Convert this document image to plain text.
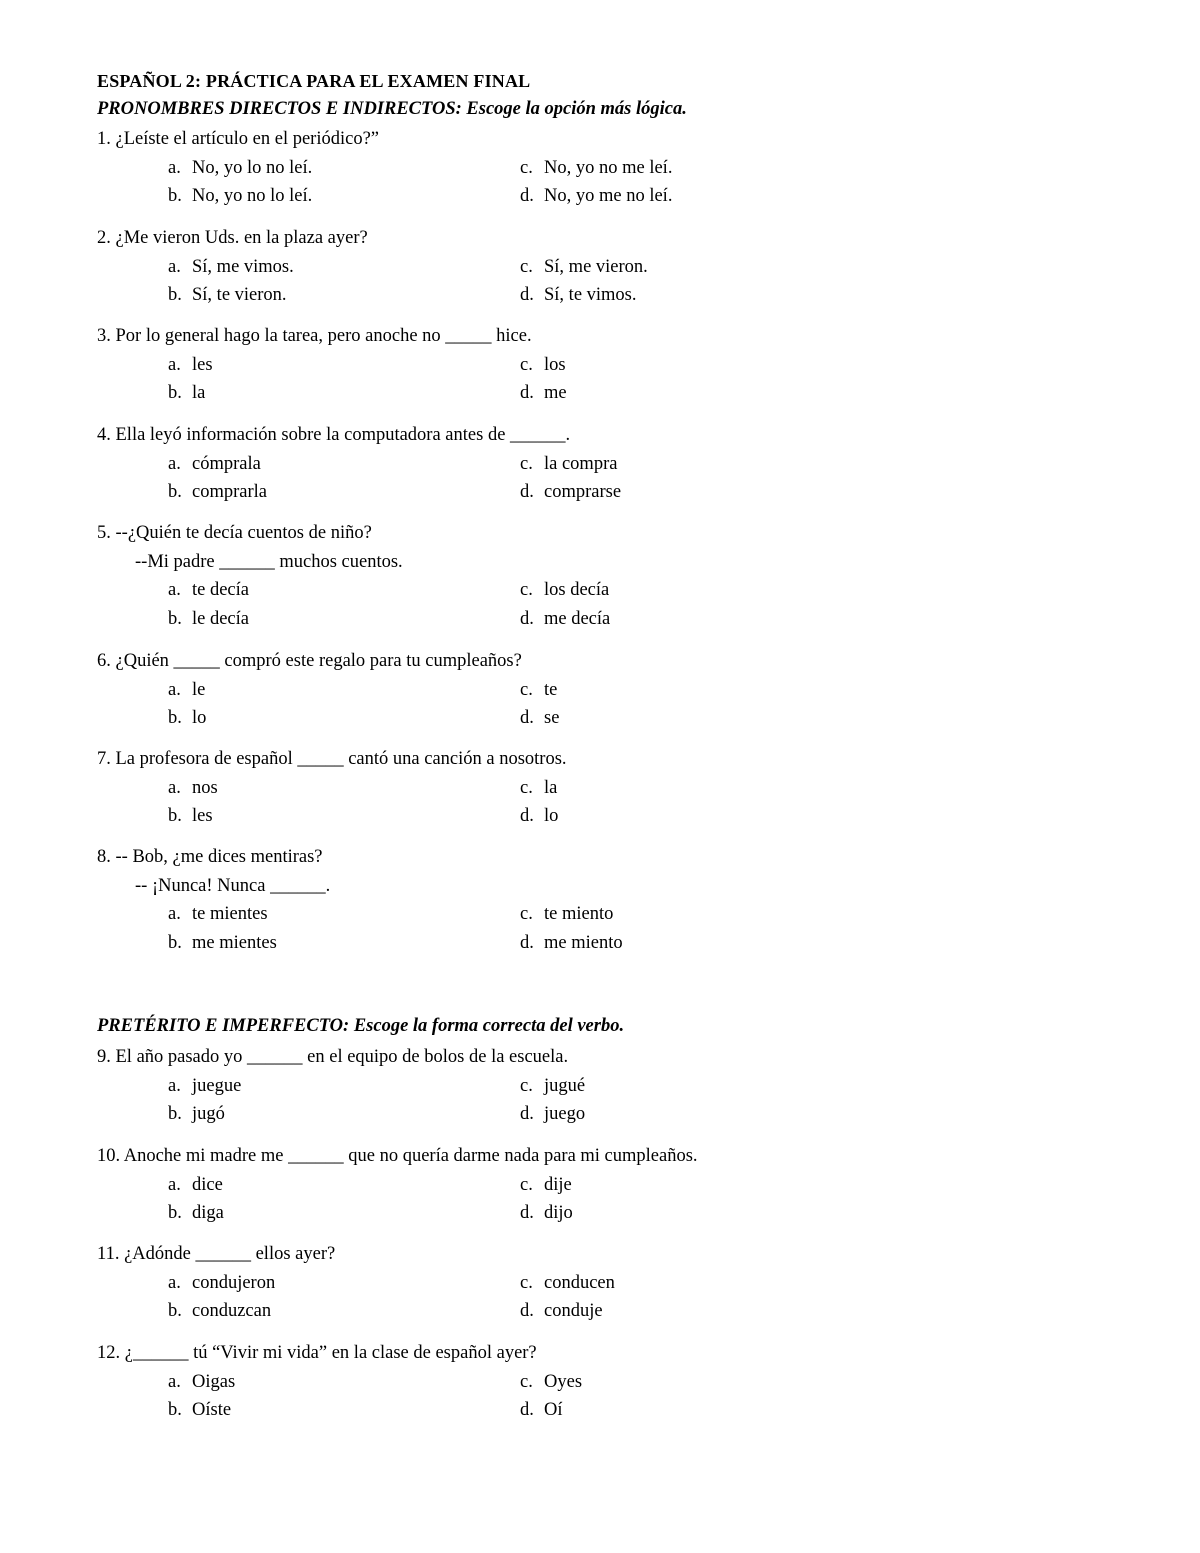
ESPAÑOL 2: PRÁCTICA PARA EL EXAMEN FINAL
PRONOMBRES DIRECTOS E INDIRECTOS: Escoge la opción más lógica.
PRETÉRITO E IMPERFECTO: Escoge la forma correcta del verbo.
1. ¿Leíste el artículo en el periódico?”
a. No, yo lo no leí.
b. No, yo no lo leí.
c. No, yo no me leí.
d. No, yo me no leí.
2. ¿Me vieron Uds. en la plaza ayer?
a. Sí, me vimos.
b. Sí, te vieron.
c. Sí, me vieron.
d. Sí, te vimos.
3. Por lo general hago la tarea, pero anoche no _____ hice.
a. les
b. la
c. los
d. me
4. Ella leyó información sobre la computadora antes de ______.
a. cómprala
b. comprarla
c. la compra
d. comprarse
5. --¿Quién te decía cuentos de niño?
--Mi padre ______ muchos cuentos.
a. te decía
b. le decía
c. los decía
d. me decía
6. ¿Quién _____ compró este regalo para tu cumpleaños?
a. le
b. lo
c. te
d. se
7. La profesora de español _____ cantó una canción a nosotros.
a. nos
b. les
c. la
d. lo
8. -- Bob, ¿me dices mentiras?
-- ¡Nunca! Nunca ______.
a. te mientes
b. me mientes
c. te miento
d. me miento
9. El año pasado yo ______ en el equipo de bolos de la escuela.
a. juegue
b. jugó
c. jugué
d. juego
10. Anoche mi madre me ______ que no quería darme nada para mi cumpleaños.
a. dice
b. diga
c. dije
d. dijo
11. ¿Adónde ______ ellos ayer?
a. condujeron
b. conduzcan
c. conducen
d. conduje
12. ¿______ tú “Vivir mi vida” en la clase de español ayer?
a. Oigas
b. Oíste
c. Oyes
d. Oí
